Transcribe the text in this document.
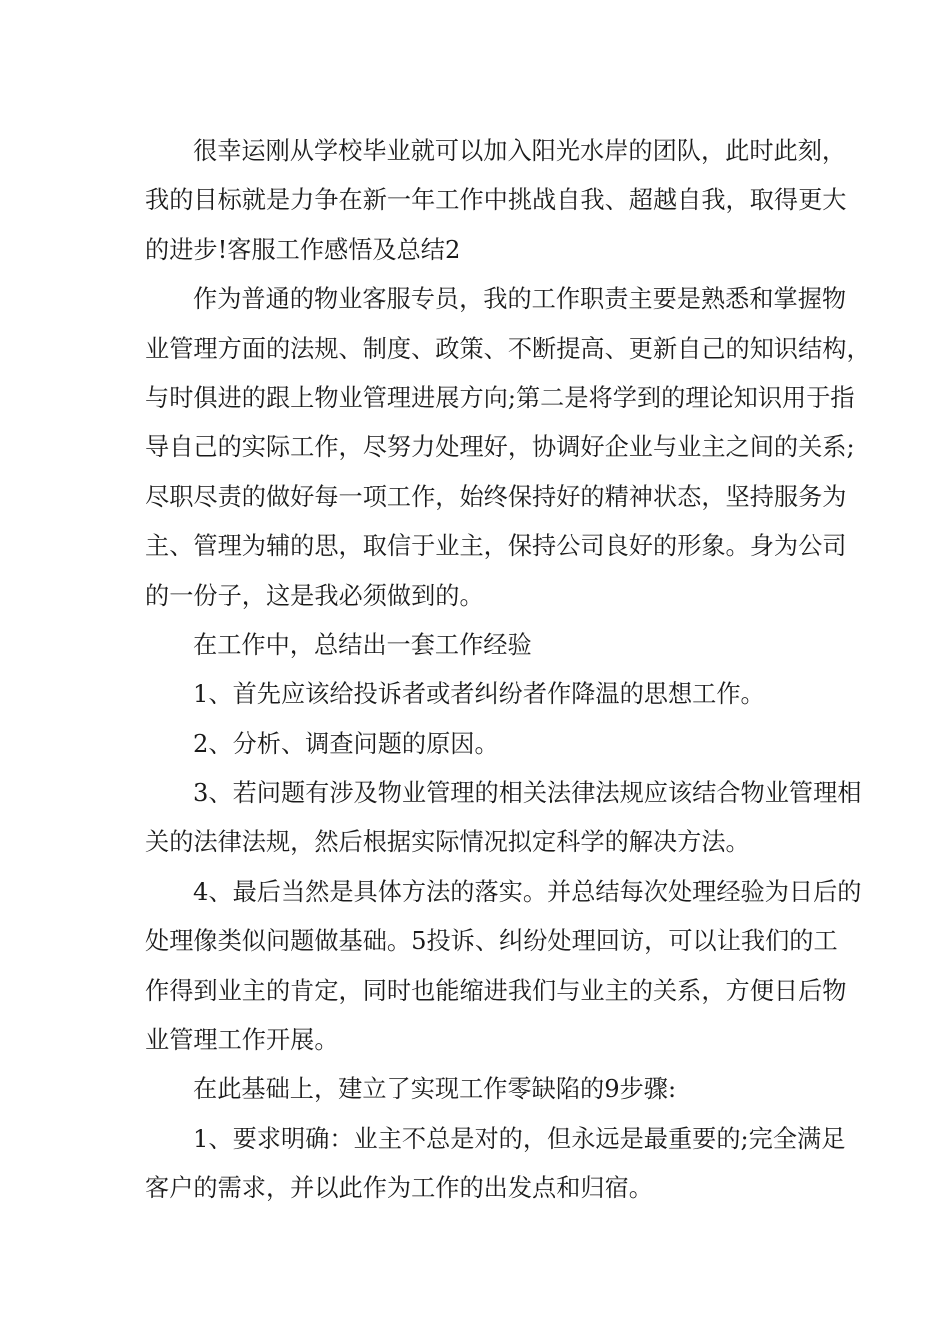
很幸运刚从学校毕业就可以加入阳光水岸的团队，此时此刻，
我的目标就是力争在新一年工作中挑战自我、超越自我，取得更大
的进步!客服工作感悟及总结2

作为普通的物业客服专员，我的工作职责主要是熟悉和掌握物
业管理方面的法规、制度、政策、不断提高、更新自己的知识结构，
与时俱进的跟上物业管理进展方向;第二是将学到的理论知识用于指
导自己的实际工作，尽努力处理好，协调好企业与业主之间的关系;
尽职尽责的做好每一项工作，始终保持好的精神状态，坚持服务为
主、管理为辅的思，取信于业主，保持公司良好的形象。身为公司
的一份子，这是我必须做到的。

在工作中，总结出一套工作经验

1、首先应该给投诉者或者纠纷者作降温的思想工作。

2、分析、调查问题的原因。

3、若问题有涉及物业管理的相关法律法规应该结合物业管理相
关的法律法规，然后根据实际情况拟定科学的解决方法。

4、最后当然是具体方法的落实。并总结每次处理经验为日后的
处理像类似问题做基础。5投诉、纠纷处理回访，可以让我们的工
作得到业主的肯定，同时也能缩进我们与业主的关系，方便日后物
业管理工作开展。

在此基础上，建立了实现工作零缺陷的9步骤:

1、要求明确：业主不总是对的，但永远是最重要的;完全满足
客户的需求，并以此作为工作的出发点和归宿。
